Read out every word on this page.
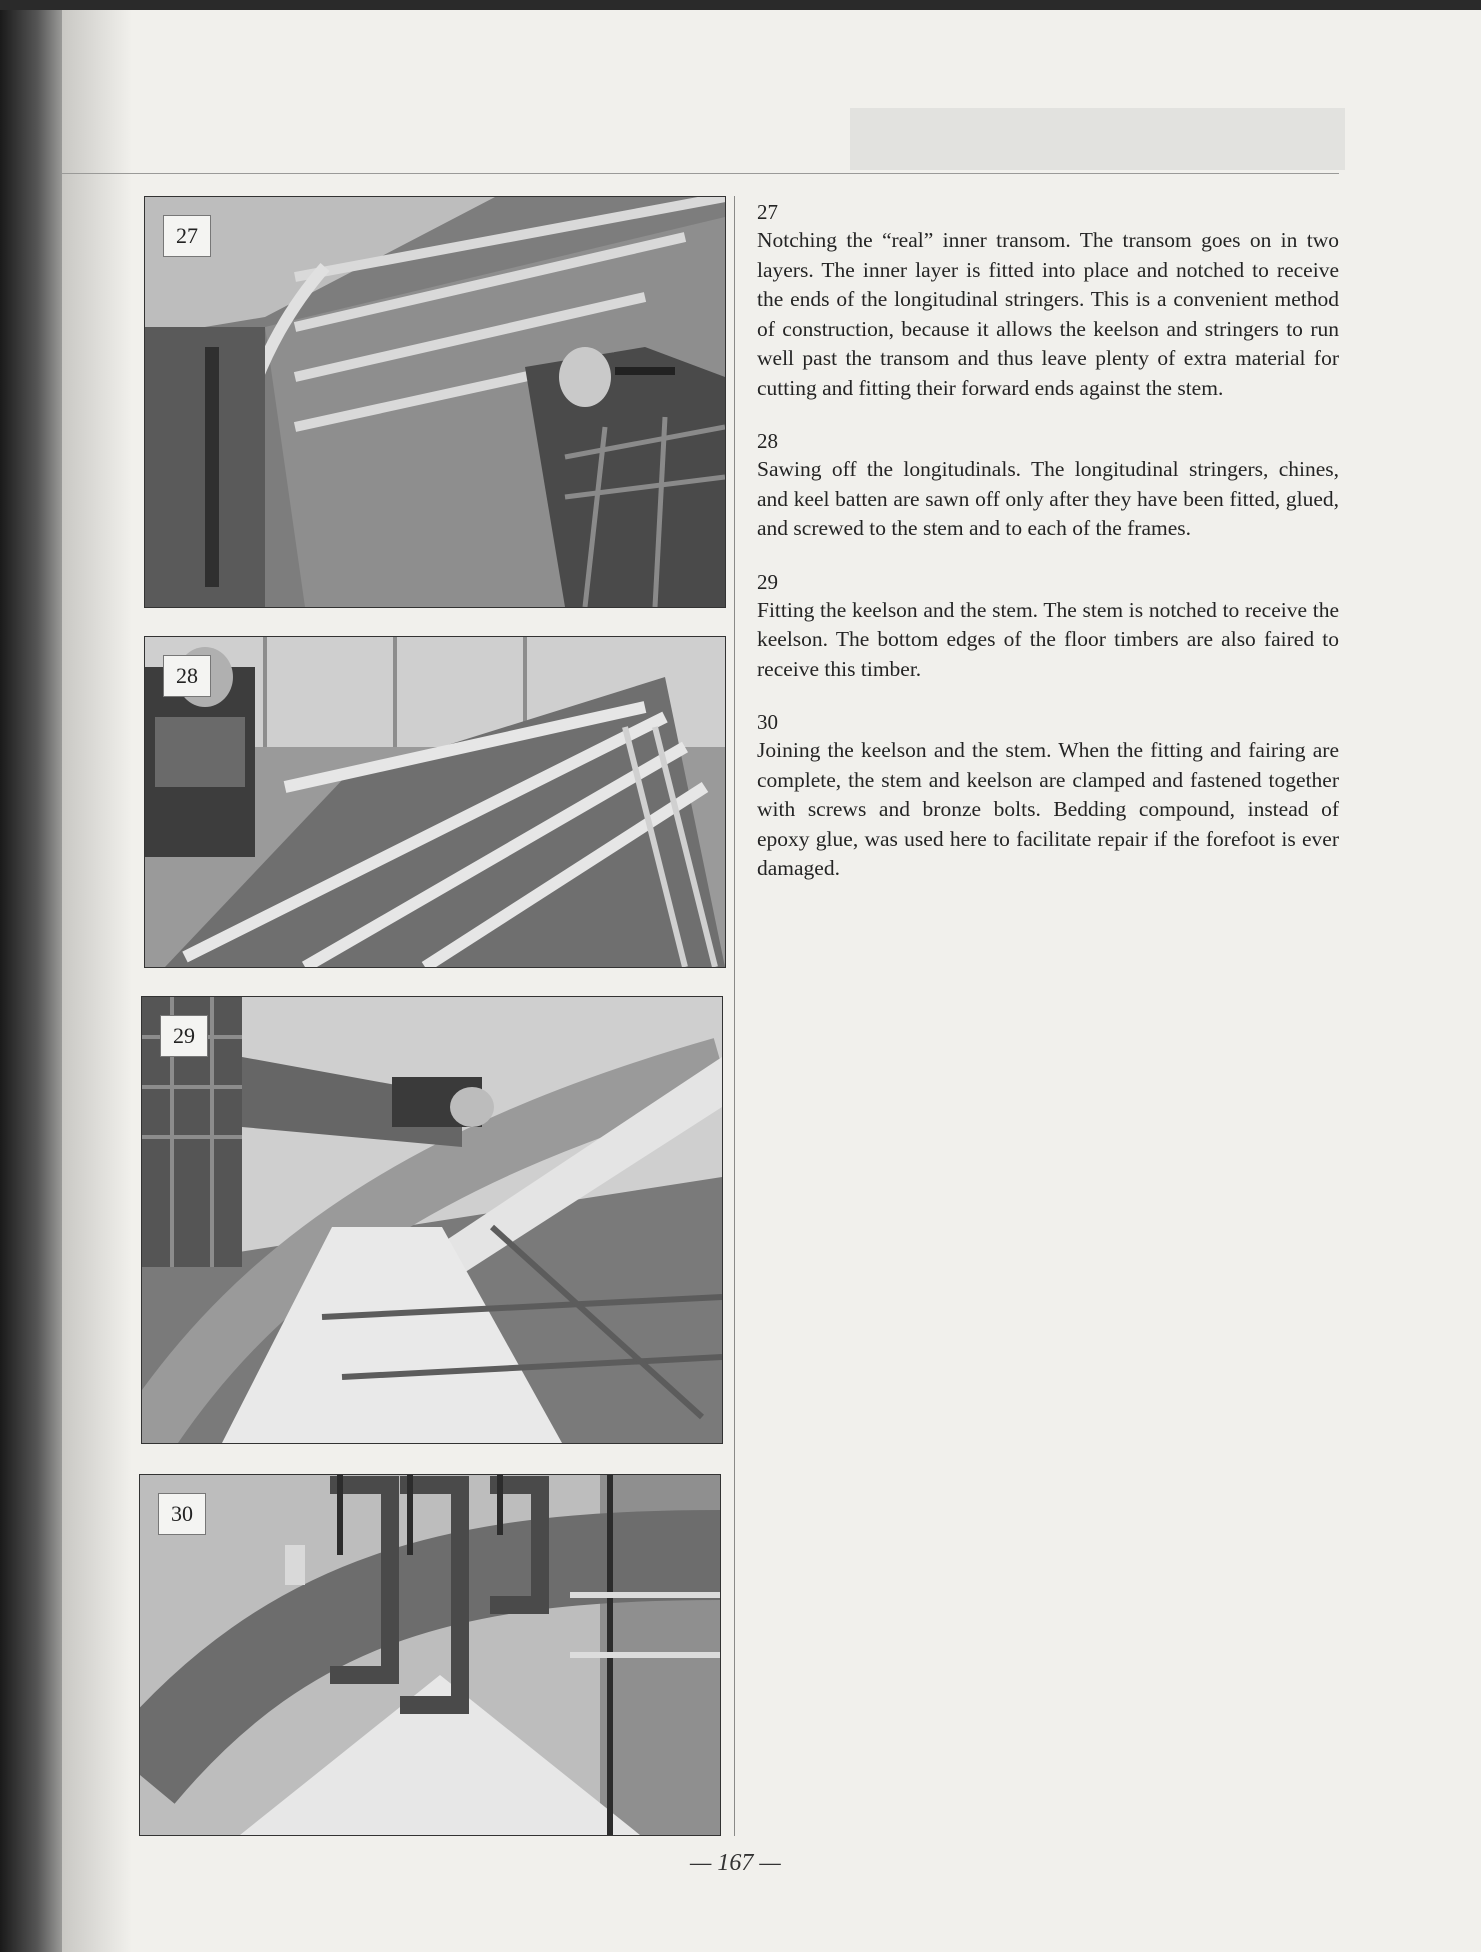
27
28
29
30
27
Notching the “real” inner transom. The transom goes on in two layers. The inner layer is fitted into place and notched to receive the ends of the longitudinal stringers. This is a convenient method of construction, because it allows the keelson and stringers to run well past the transom and thus leave plenty of extra material for cutting and fitting their forward ends against the stem.
28
Sawing off the longitudinals. The longitudinal stringers, chines, and keel batten are sawn off only after they have been fitted, glued, and screwed to the stem and to each of the frames.
29
Fitting the keelson and the stem. The stem is notched to receive the keelson. The bottom edges of the floor timbers are also faired to receive this timber.
30
Joining the keelson and the stem. When the fitting and fairing are complete, the stem and keelson are clamped and fastened together with screws and bronze bolts. Bedding compound, instead of epoxy glue, was used here to facilitate repair if the forefoot is ever damaged.
— 167 —
